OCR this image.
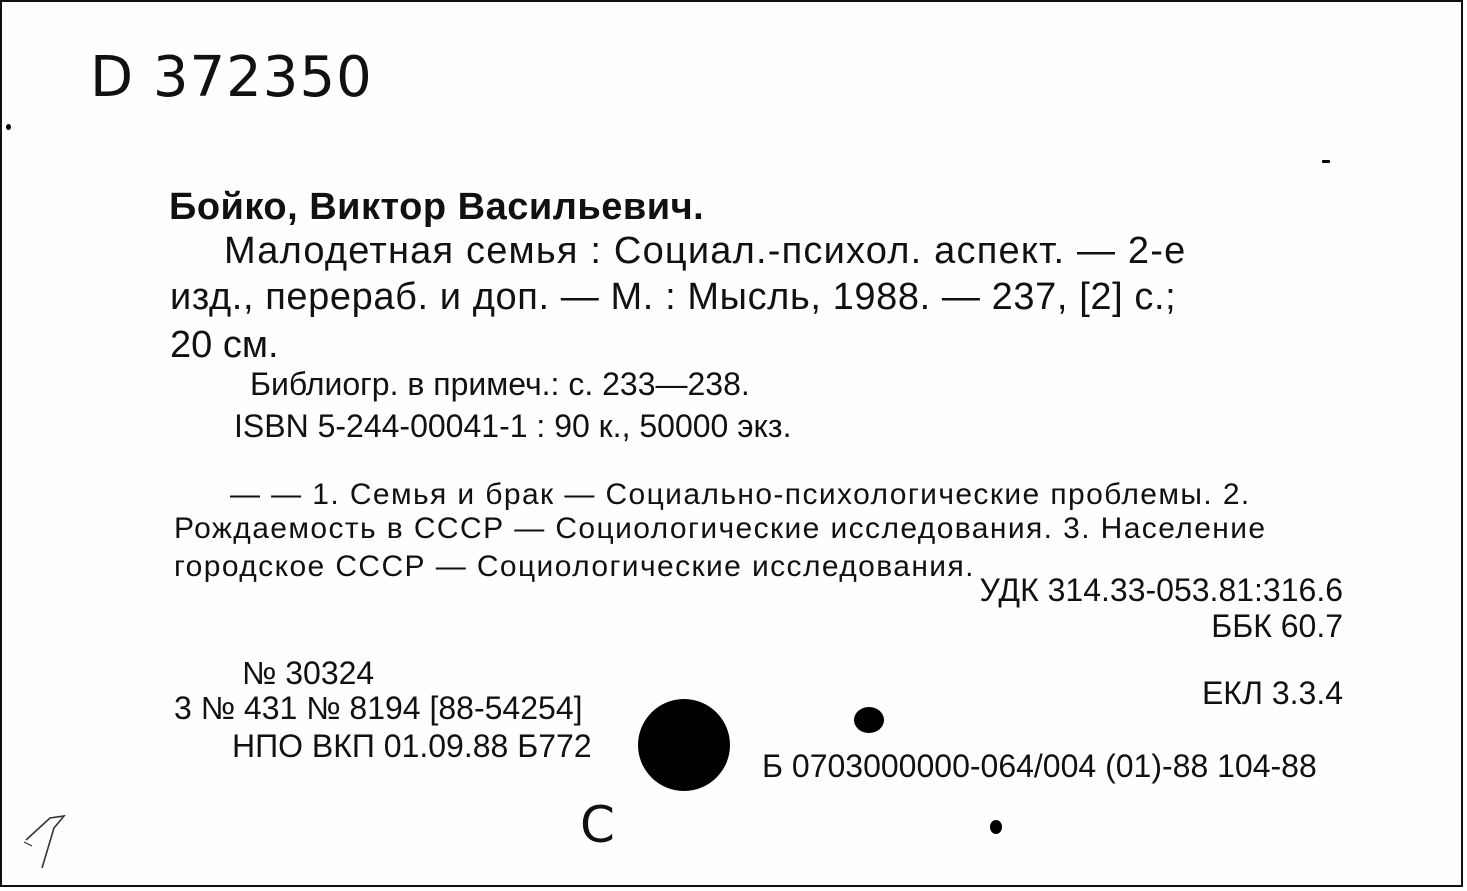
D 372350
Бойко, Виктор Васильевич.
Малодетная семья : Социал.-психол. аспект. — 2-е
изд., перераб. и доп. — М. : Мысль, 1988. — 237, [2] с.;
20 см.
Библиогр. в примеч.: с. 233—238.
ISBN 5-244-00041-1 : 90 к., 50000 экз.
— — 1. Семья и брак — Социально-психологические проблемы. 2.
Рождаемость в СССР — Социологические исследования. 3. Население
городское СССР — Социологические исследования.
УДК 314.33-053.81:316.6
ББК 60.7
№ 30324
3 № 431 № 8194 [88-54254]
НПО ВКП 01.09.88 Б772
ЕКЛ 3.3.4
Б 0703000000-064/004 (01)-88 104-88
С
